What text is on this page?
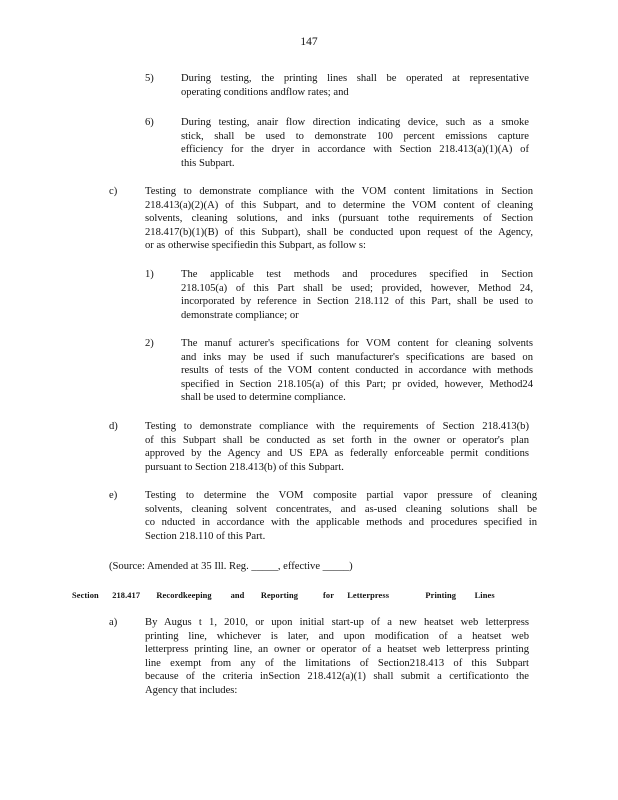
147
5)	During testing, the printing lines shall be operated at representative

operating conditions andflow rates; and

6)	During testing, anair flow direction indicating device, such as a smoke

stick, shall be used to demonstrate 100 percent emissions capture

efficiency for the dryer in accordance with Section 218.413(a)(1)(A) of

this Subpart.

c)	Testing to demonstrate compliance with the VOM content limitations in Section

218.413(a)(2)(A) of this Subpart, and to determine the VOM content of cleaning

solvents, cleaning solutions, and inks (pursuant tothe requirements of Section

218.417(b)(1)(B) of this Subpart), shall be conducted upon request of the Agency,

or as otherwise specifiedin this Subpart, as follow s:

1)	The applicable test methods and procedures specified in Section

218.105(a) of this Part shall be used; provided, however, Method 24,

incorporated by reference in Section 218.112 of this Part, shall be used to

demonstrate compliance; or

2)	The manuf acturer's specifications for VOM content for cleaning solvents

and inks may be used if such manufacturer's specifications are based on

results of tests of the VOM content conducted in accordance with methods

specified in Section 218.105(a) of this Part; pr ovided, however, Method24

shall be used to determine compliance.

d)	Testing to demonstrate compliance with the requirements of Section 218.413(b)

of this Subpart shall be conducted as set forth in the owner or operator's plan

approved by the Agency and US EPA as federally enforceable permit conditions

pursuant to Section 218.413(b) of this Subpart.

e)	Testing to determine the VOM composite partial vapor pressure of cleaning

solvents, cleaning solvent concentrates, and as-used cleaning solutions shall be

co nducted in accordance with the applicable methods and procedures specified in

Section 218.110 of this Part.

(Source: Amended at 35 Ill. Reg. _____, effective _____)
Section 218.417 Recordkeeping and Reporting	for Letterpress	Printing Lines
a)	By Augus t 1, 2010, or upon initial start-up of a new heatset web letterpress

printing line, whichever is later, and upon modification of a heatset web

letterpress printing line, an owner or operator of a heatset web letterpress printing

line exempt from any of the limitations of Section218.413 of this Subpart

because of the criteria inSection 218.412(a)(1) shall submit a certificationto the

Agency that includes:
